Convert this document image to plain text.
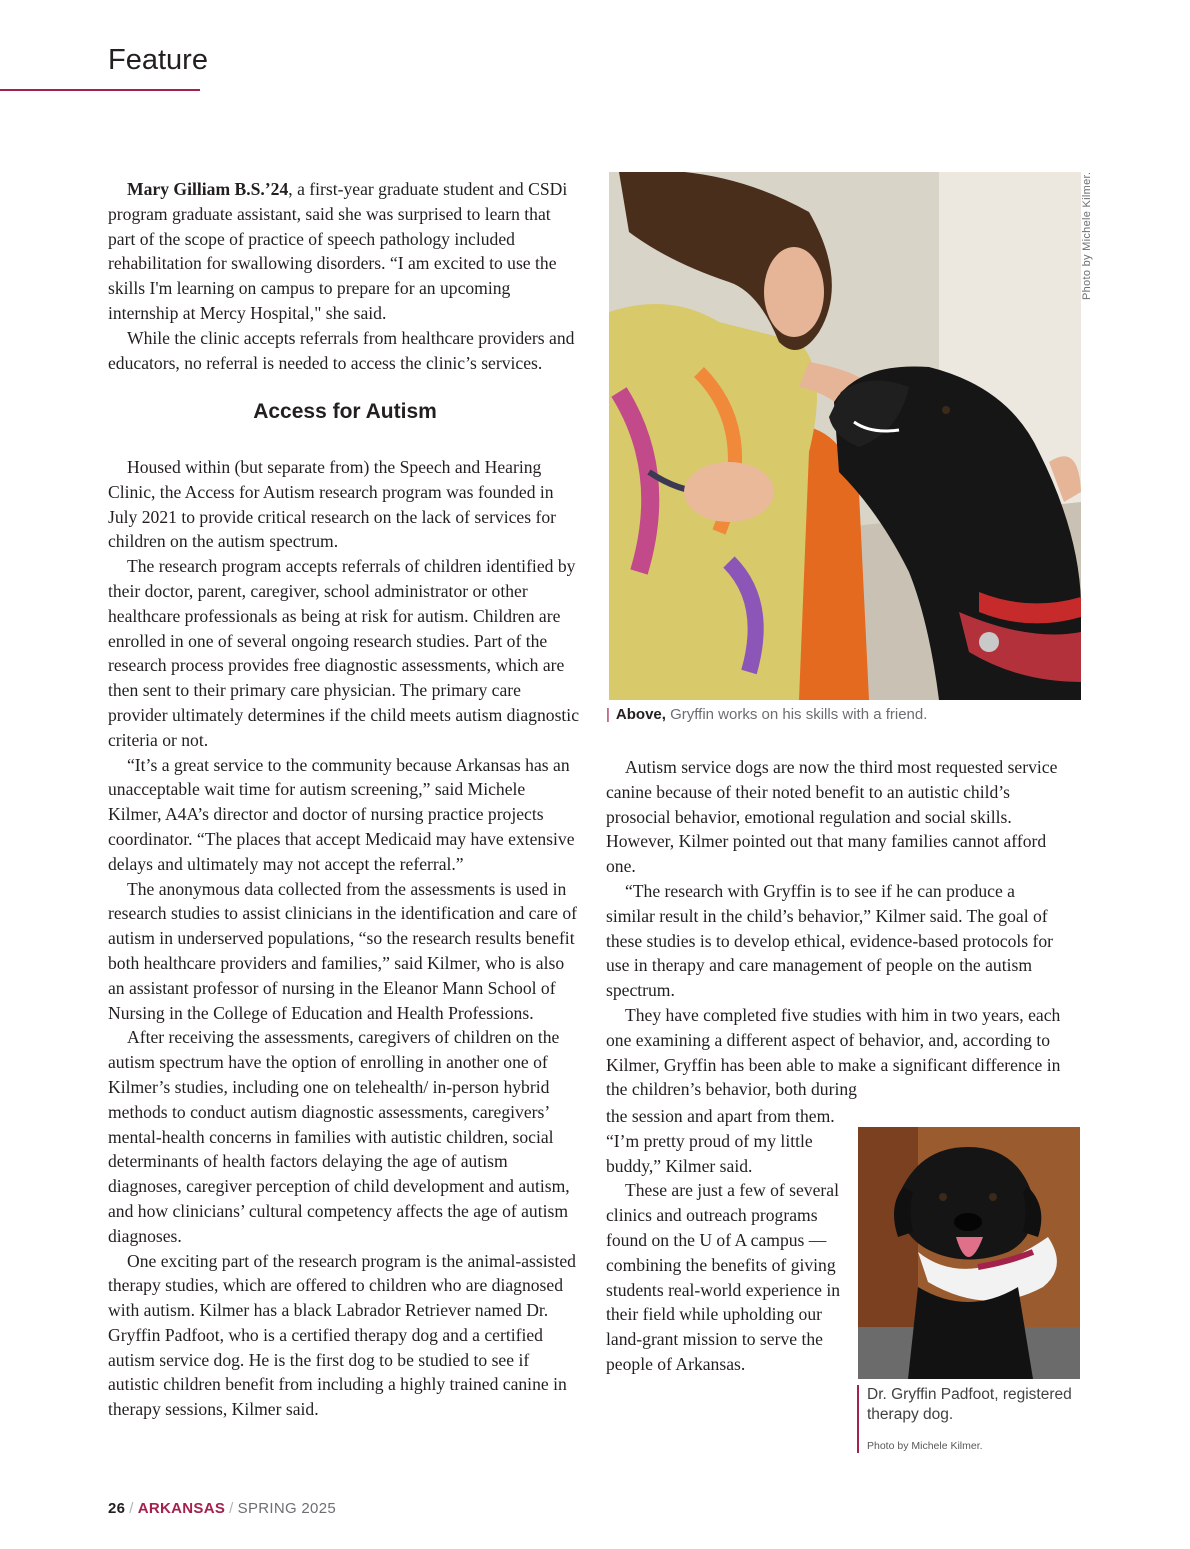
Feature

Mary Gilliam B.S.’24, a first-year graduate student and CSDi program graduate assistant, said she was surprised to learn that part of the scope of practice of speech pathology included rehabilitation for swallowing disorders. “I am excited to use the skills I'm learning on campus to prepare for an upcoming internship at Mercy Hospital," she said.

While the clinic accepts referrals from healthcare providers and educators, no referral is needed to access the clinic’s services.

Access for Autism

Housed within (but separate from) the Speech and Hearing Clinic, the Access for Autism research program was founded in July 2021 to provide critical research on the lack of services for children on the autism spectrum.

The research program accepts referrals of children identified by their doctor, parent, caregiver, school administrator or other healthcare professionals as being at risk for autism. Children are enrolled in one of several ongoing research studies. Part of the research process provides free diagnostic assessments, which are then sent to their primary care physician. The primary care provider ultimately determines if the child meets autism diagnostic criteria or not.

“It’s a great service to the community because Arkansas has an unacceptable wait time for autism screening,” said Michele Kilmer, A4A’s director and doctor of nursing practice projects coordinator. “The places that accept Medicaid may have extensive delays and ultimately may not accept the referral.”

The anonymous data collected from the assessments is used in research studies to assist clinicians in the identification and care of autism in underserved populations, “so the research results benefit both healthcare providers and families,” said Kilmer, who is also an assistant professor of nursing in the Eleanor Mann School of Nursing in the College of Education and Health Professions.

After receiving the assessments, caregivers of children on the autism spectrum have the option of enrolling in another one of Kilmer’s studies, including one on telehealth/ in-person hybrid methods to conduct autism diagnostic assessments, caregivers’ mental-health concerns in families with autistic children, social determinants of health factors delaying the age of autism diagnoses, caregiver perception of child development and autism, and how clinicians’ cultural competency affects the age of autism diagnoses.

One exciting part of the research program is the animal-assisted therapy studies, which are offered to children who are diagnosed with autism. Kilmer has a black Labrador Retriever named Dr. Gryffin Padfoot, who is a certified therapy dog and a certified autism service dog. He is the first dog to be studied to see if autistic children benefit from including a highly trained canine in therapy sessions, Kilmer said.

Photo by Michele Kilmer.
| Above, Gryffin works on his skills with a friend.

Autism service dogs are now the third most requested service canine because of their noted benefit to an autistic child’s prosocial behavior, emotional regulation and social skills. However, Kilmer pointed out that many families cannot afford one.

“The research with Gryffin is to see if he can produce a similar result in the child’s behavior,” Kilmer said. The goal of these studies is to develop ethical, evidence-based protocols for use in therapy and care management of people on the autism spectrum.

They have completed five studies with him in two years, each one examining a different aspect of behavior, and, according to Kilmer, Gryffin has been able to make a significant difference in the children’s behavior, both during

the session and apart from them. “I’m pretty proud of my little buddy,” Kilmer said.

These are just a few of several clinics and outreach programs found on the U of A campus — combining the benefits of giving students real-world experience in their field while upholding our land-grant mission to serve the people of Arkansas.

Dr. Gryffin Padfoot, registered therapy dog.
Photo by Michele Kilmer.
26 / ARKANSAS / SPRING 2025
